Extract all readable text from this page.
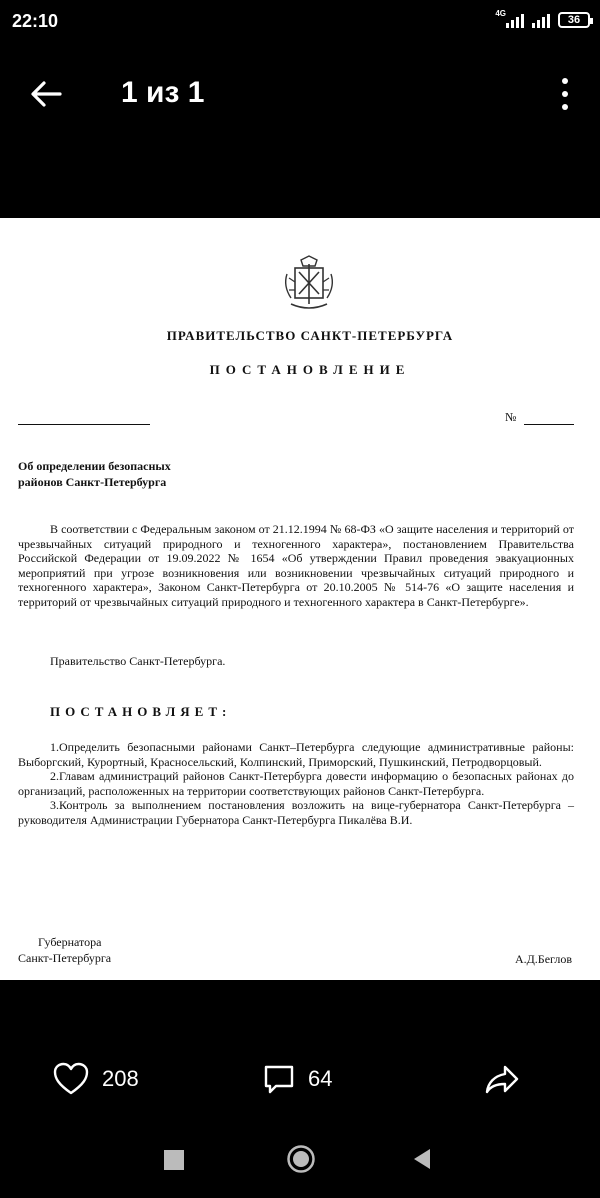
22:10	4G
36
1 из 1
ПРАВИТЕЛЬСТВО САНКТ-ПЕТЕРБУРГА
ПОСТАНОВЛЕНИЕ
№
Об определении безопасных
районов Санкт-Петербурга
В соответствии с Федеральным законом от 21.12.1994 № 68-ФЗ «О защите населения и территорий от чрезвычайных ситуаций природного и техногенного характера», постановлением Правительства Российской Федерации от 19.09.2022 № 1654 «Об утверждении Правил проведения эвакуационных мероприятий при угрозе возникновения или возникновении чрезвычайных ситуаций природного и техногенного характера», Законом Санкт-Петербурга от 20.10.2005 № 514-76 «О защите населения и территорий от чрезвычайных ситуаций природного и техногенного характера в Санкт-Петербурге».
Правительство Санкт-Петербурга.
ПОСТАНОВЛЯЕТ:

1.Определить безопасными районами Санкт–Петербурга следующие административные районы: Выборгский, Курортный, Красносельский, Колпинский, Приморский, Пушкинский, Петродворцовый.

2.Главам администраций районов Санкт-Петербурга довести информацию о безопасных районах до организаций, расположенных на территории соответствующих районов Санкт-Петербурга.

3.Контроль за выполнением постановления возложить на вице-губернатора Санкт-Петербурга – руководителя Администрации Губернатора Санкт-Петербурга Пикалёва В.И.

Губернатора
Санкт-Петербурга	А.Д.Беглов
208	64
